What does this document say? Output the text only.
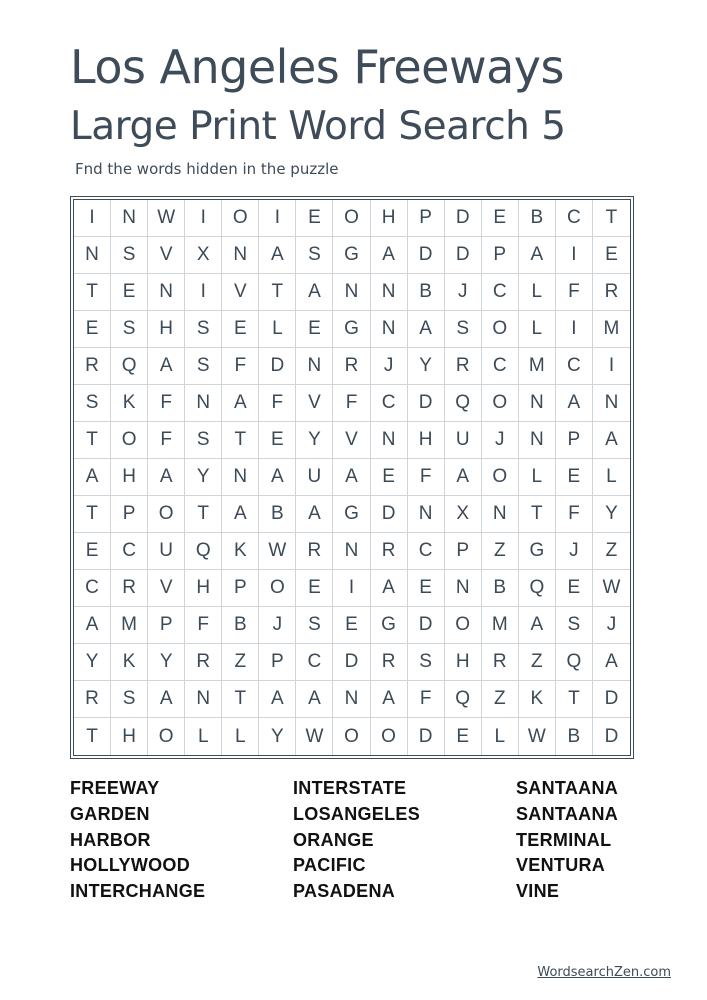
Los Angeles Freeways
Large Print Word Search 5
Fnd the words hidden in the puzzle
I	N	W	I	O	I	E	O	H	P	D	E	B	C	T
N	S	V	X	N	A	S	G	A	D	D	P	A	I	E
T	E	N	I	V	T	A	N	N	B	J	C	L	F	R
E	S	H	S	E	L	E	G	N	A	S	O	L	I	M
R	Q	A	S	F	D	N	R	J	Y	R	C	M	C	I
S	K	F	N	A	F	V	F	C	D	Q	O	N	A	N
T	O	F	S	T	E	Y	V	N	H	U	J	N	P	A
A	H	A	Y	N	A	U	A	E	F	A	O	L	E	L
T	P	O	T	A	B	A	G	D	N	X	N	T	F	Y
E	C	U	Q	K	W	R	N	R	C	P	Z	G	J	Z
C	R	V	H	P	O	E	I	A	E	N	B	Q	E	W
A	M	P	F	B	J	S	E	G	D	O	M	A	S	J
Y	K	Y	R	Z	P	C	D	R	S	H	R	Z	Q	A
R	S	A	N	T	A	A	N	A	F	Q	Z	K	T	D
T	H	O	L	L	Y	W	O	O	D	E	L	W	B	D
FREEWAY
GARDEN
HARBOR
HOLLYWOOD
INTERCHANGE
INTERSTATE
LOSANGELES
ORANGE
PACIFIC
PASADENA
SANTAANA
SANTAANA
TERMINAL
VENTURA
VINE
WordsearchZen.com
